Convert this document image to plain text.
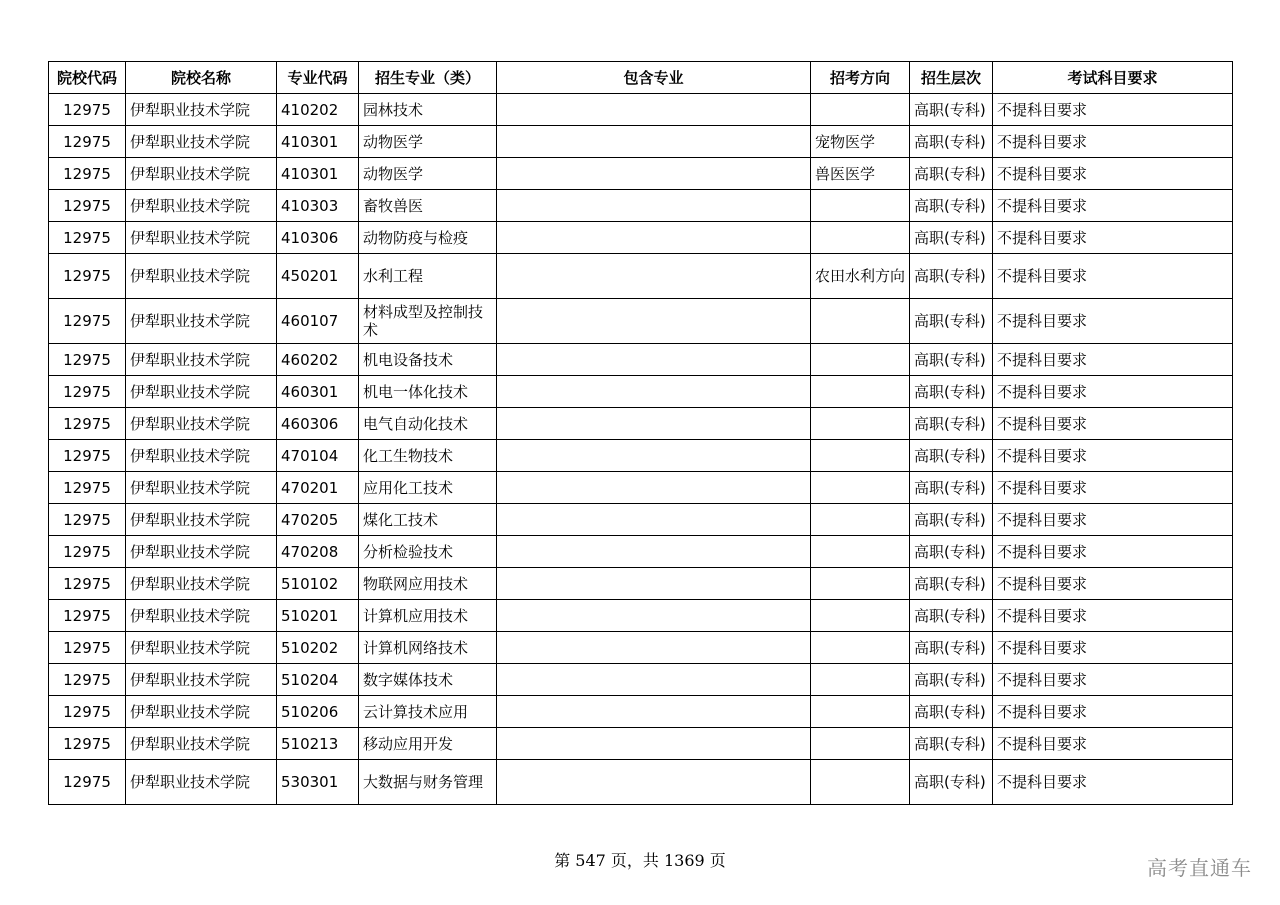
院校代码	院校名称	专业代码	招生专业（类）	包含专业	招考方向	招生层次	考试科目要求
12975	伊犁职业技术学院	410202	园林技术			高职(专科)	不提科目要求
12975	伊犁职业技术学院	410301	动物医学		宠物医学	高职(专科)	不提科目要求
12975	伊犁职业技术学院	410301	动物医学		兽医医学	高职(专科)	不提科目要求
12975	伊犁职业技术学院	410303	畜牧兽医			高职(专科)	不提科目要求
12975	伊犁职业技术学院	410306	动物防疫与检疫			高职(专科)	不提科目要求
12975	伊犁职业技术学院	450201	水利工程		农田水利方向	高职(专科)	不提科目要求
12975	伊犁职业技术学院	460107	材料成型及控制技术			高职(专科)	不提科目要求
12975	伊犁职业技术学院	460202	机电设备技术			高职(专科)	不提科目要求
12975	伊犁职业技术学院	460301	机电一体化技术			高职(专科)	不提科目要求
12975	伊犁职业技术学院	460306	电气自动化技术			高职(专科)	不提科目要求
12975	伊犁职业技术学院	470104	化工生物技术			高职(专科)	不提科目要求
12975	伊犁职业技术学院	470201	应用化工技术			高职(专科)	不提科目要求
12975	伊犁职业技术学院	470205	煤化工技术			高职(专科)	不提科目要求
12975	伊犁职业技术学院	470208	分析检验技术			高职(专科)	不提科目要求
12975	伊犁职业技术学院	510102	物联网应用技术			高职(专科)	不提科目要求
12975	伊犁职业技术学院	510201	计算机应用技术			高职(专科)	不提科目要求
12975	伊犁职业技术学院	510202	计算机网络技术			高职(专科)	不提科目要求
12975	伊犁职业技术学院	510204	数字媒体技术			高职(专科)	不提科目要求
12975	伊犁职业技术学院	510206	云计算技术应用			高职(专科)	不提科目要求
12975	伊犁职业技术学院	510213	移动应用开发			高职(专科)	不提科目要求
12975	伊犁职业技术学院	530301	大数据与财务管理			高职(专科)	不提科目要求
第 547 页，共 1369 页	高考直通车
